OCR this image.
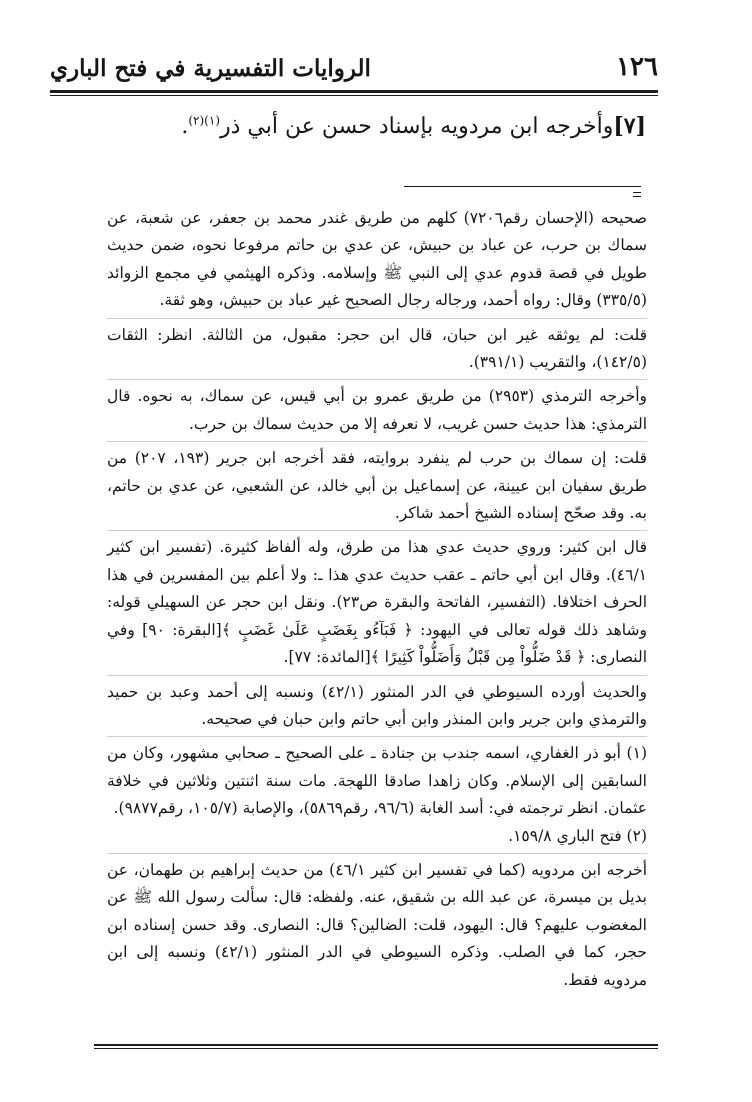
١٢٦
الروايات التفسيرية في فتح الباري
[٧]وأخرجه ابن مردويه بإسناد حسن عن أبي ذر$^{(١)(٢)}$.

صحيحه (الإحسان رقم٧٢٠٦) كلهم من طريق غندر محمد بن جعفر، عن شعبة، عن سماك بن حرب، عن عباد بن حبيش، عن عدي بن حاتم مرفوعا نحوه، ضمن حديث طويل في قصة قدوم عدي إلى النبي ﷺ وإسلامه. وذكره الهيثمي في مجمع الزوائد (٣٣٥/٥) وقال: رواه أحمد، ورجاله رجال الصحيح غير عباد بن حبيش، وهو ثقة.

قلت: لم يوثقه غير ابن حبان، قال ابن حجر: مقبول، من الثالثة. انظر: الثقات (١٤٢/٥)، والتقريب (٣٩١/١).

وأخرجه الترمذي (٢٩٥٣) من طريق عمرو بن أبي قيس، عن سماك، به نحوه. قال الترمذي: هذا حديث حسن غريب، لا نعرفه إلا من حديث سماك بن حرب.

قلت: إن سماك بن حرب لم ينفرد بروايته، فقد أخرجه ابن جرير (١٩٣، ٢٠٧) من طريق سفيان ابن عيينة، عن إسماعيل بن أبي خالد، عن الشعبي، عن عدي بن حاتم، به. وقد صحّح إسناده الشيخ أحمد شاكر.

قال ابن كثير: وروي حديث عدي هذا من طرق، وله ألفاظ كثيرة. (تفسير ابن كثير ٤٦/١). وقال ابن أبي حاتم ـ عقب حديث عدي هذا ـ: ولا أعلم بين المفسرين في هذا الحرف اختلافا. (التفسير، الفاتحة والبقرة ص٢٣). ونقل ابن حجر عن السهيلي قوله: وشاهد ذلك قوله تعالى في اليهود: ﴿ فَبَآءُو بِغَضَبٍ عَلَىٰ غَضَبٍ ﴾[البقرة: ٩٠] وفي النصارى: ﴿ قَدْ ضَلُّواْ مِن قَبْلُ وَأَضَلُّواْ كَثِيرًا ﴾[المائدة: ٧٧].

والحديث أورده السيوطي في الدر المنثور (٤٢/١) ونسبه إلى أحمد وعبد بن حميد والترمذي وابن جرير وابن المنذر وابن أبي حاتم وابن حبان في صحيحه.

(١) أبو ذر الغفاري، اسمه جندب بن جنادة ـ على الصحيح ـ صحابي مشهور، وكان من السابقين إلى الإسلام. وكان زاهدا صادقا اللهجة. مات سنة اثنتين وثلاثين في خلافة عثمان. انظر ترجمته في: أسد الغابة (٩٦/٦، رقم٥٨٦٩)، والإصابة (١٠٥/٧، رقم٩٨٧٧).

(٢) فتح الباري ١٥٩/٨.

أخرجه ابن مردويه (كما في تفسير ابن كثير ٤٦/١) من حديث إبراهيم بن طهمان، عن بديل بن ميسرة، عن عبد الله بن شقيق، عنه. ولفظه: قال: سألت رسول الله ﷺ عن المغضوب عليهم؟ قال: اليهود، قلت: الضالين؟ قال: النصارى. وقد حسن إسناده ابن حجر، كما في الصلب. وذكره السيوطي في الدر المنثور (٤٢/١) ونسبه إلى ابن مردويه فقط.
